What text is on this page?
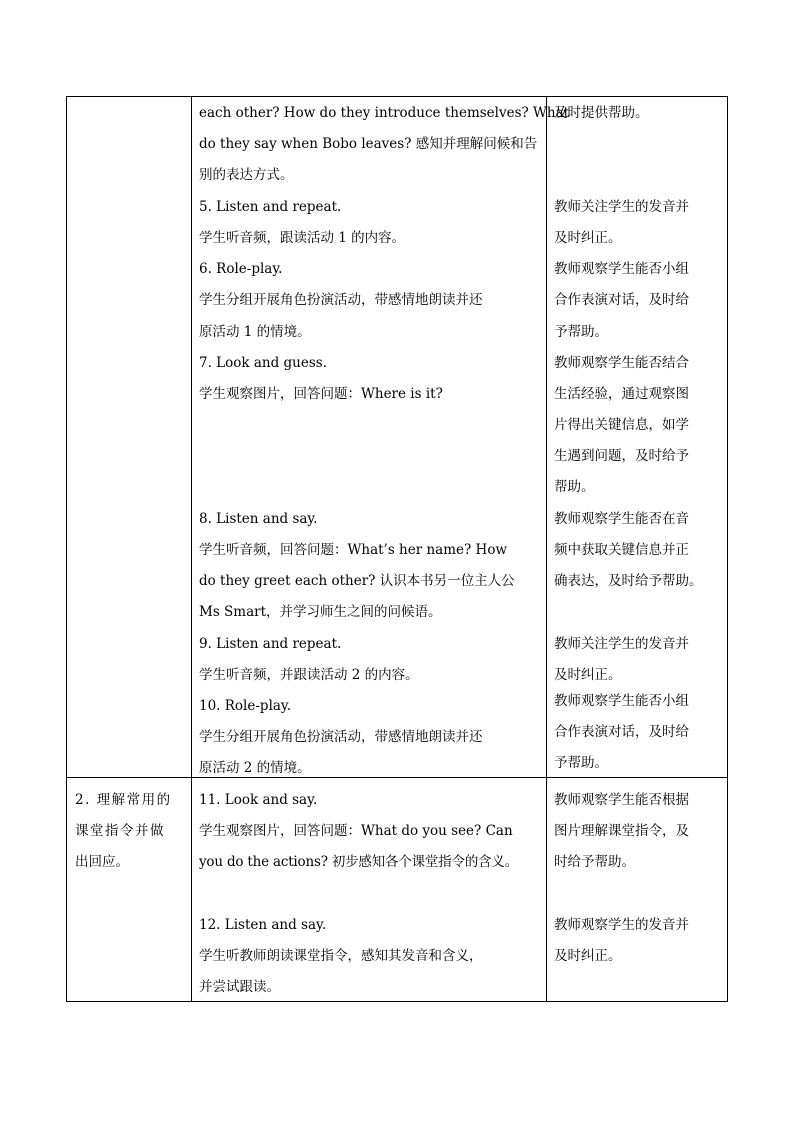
each other? How do they introduce themselves? What
do they say when Bobo leaves? 感知并理解问候和告
别的表达方式。
5. Listen and repeat.
学生听音频，跟读活动 1 的内容。
6. Role-play.
学生分组开展角色扮演活动，带感情地朗读并还
原活动 1 的情境。
7. Look and guess.
学生观察图片，回答问题：Where is it?
8. Listen and say.
学生听音频，回答问题：What’s her name? How
do they greet each other? 认识本书另一位主人公
Ms Smart，并学习师生之间的问候语。
9. Listen and repeat.
学生听音频，并跟读活动 2 的内容。
10. Role-play.
学生分组开展角色扮演活动，带感情地朗读并还
原活动 2 的情境。
及时提供帮助。
教师关注学生的发音并
及时纠正。
教师观察学生能否小组
合作表演对话，及时给
予帮助。
教师观察学生能否结合
生活经验，通过观察图
片得出关键信息，如学
生遇到问题，及时给予
帮助。
教师观察学生能否在音
频中获取关键信息并正
确表达，及时给予帮助。
教师关注学生的发音并
及时纠正。
教师观察学生能否小组
合作表演对话，及时给
予帮助。
2. 理解常用的
课堂指令并做
出回应。
11. Look and say.
学生观察图片，回答问题：What do you see? Can
you do the actions? 初步感知各个课堂指令的含义。
12. Listen and say.
学生听教师朗读课堂指令，感知其发音和含义，
并尝试跟读。
教师观察学生能否根据
图片理解课堂指令，及
时给予帮助。
教师观察学生的发音并
及时纠正。
